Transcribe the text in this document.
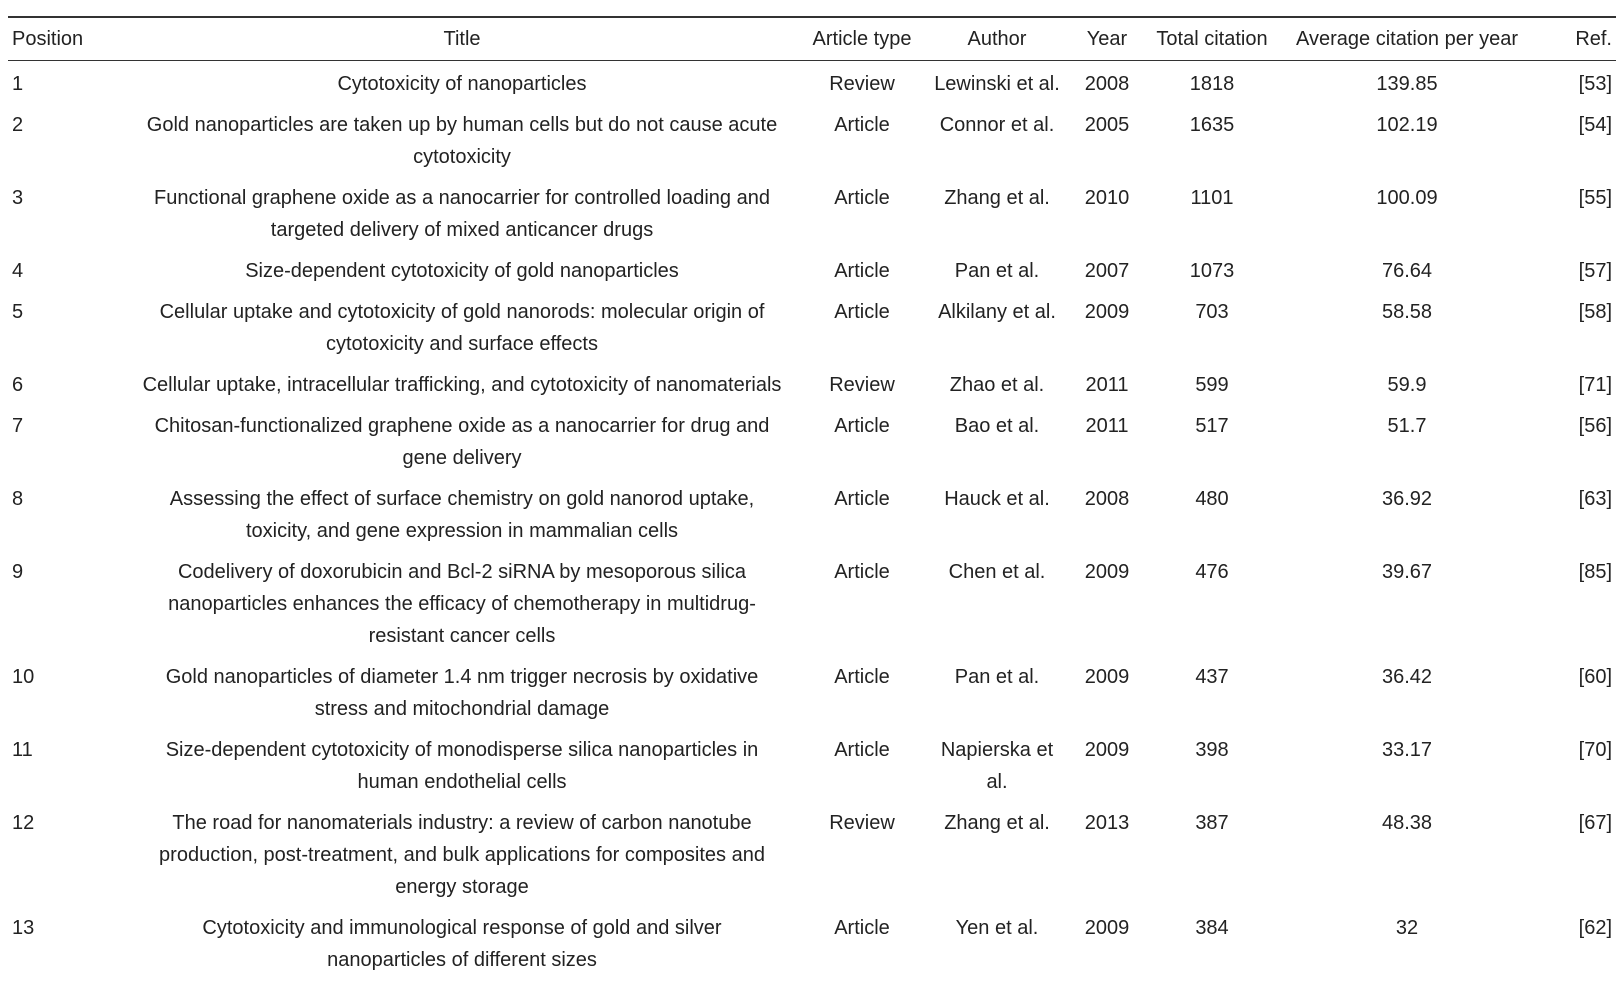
Position	Title	Article type	Author	Year	Total citation	Average citation per year	Ref.
1	Cytotoxicity of nanoparticles	Review	Lewinski et al.	2008	1818	139.85	[53]
2	Gold nanoparticles are taken up by human cells but do not cause acute cytotoxicity	Article	Connor et al.	2005	1635	102.19	[54]
3	Functional graphene oxide as a nanocarrier for controlled loading and targeted delivery of mixed anticancer drugs	Article	Zhang et al.	2010	1101	100.09	[55]
4	Size-dependent cytotoxicity of gold nanoparticles	Article	Pan et al.	2007	1073	76.64	[57]
5	Cellular uptake and cytotoxicity of gold nanorods: molecular origin of cytotoxicity and surface effects	Article	Alkilany et al.	2009	703	58.58	[58]
6	Cellular uptake, intracellular trafficking, and cytotoxicity of nanomaterials	Review	Zhao et al.	2011	599	59.9	[71]
7	Chitosan-functionalized graphene oxide as a nanocarrier for drug and gene delivery	Article	Bao et al.	2011	517	51.7	[56]
8	Assessing the effect of surface chemistry on gold nanorod uptake, toxicity, and gene expression in mammalian cells	Article	Hauck et al.	2008	480	36.92	[63]
9	Codelivery of doxorubicin and Bcl-2 siRNA by mesoporous silica nanoparticles enhances the efficacy of chemotherapy in multidrug-resistant cancer cells	Article	Chen et al.	2009	476	39.67	[85]
10	Gold nanoparticles of diameter 1.4 nm trigger necrosis by oxidative stress and mitochondrial damage	Article	Pan et al.	2009	437	36.42	[60]
11	Size-dependent cytotoxicity of monodisperse silica nanoparticles in human endothelial cells	Article	Napierska et al.	2009	398	33.17	[70]
12	The road for nanomaterials industry: a review of carbon nanotube production, post-treatment, and bulk applications for composites and energy storage	Review	Zhang et al.	2013	387	48.38	[67]
13	Cytotoxicity and immunological response of gold and silver nanoparticles of different sizes	Article	Yen et al.	2009	384	32	[62]
